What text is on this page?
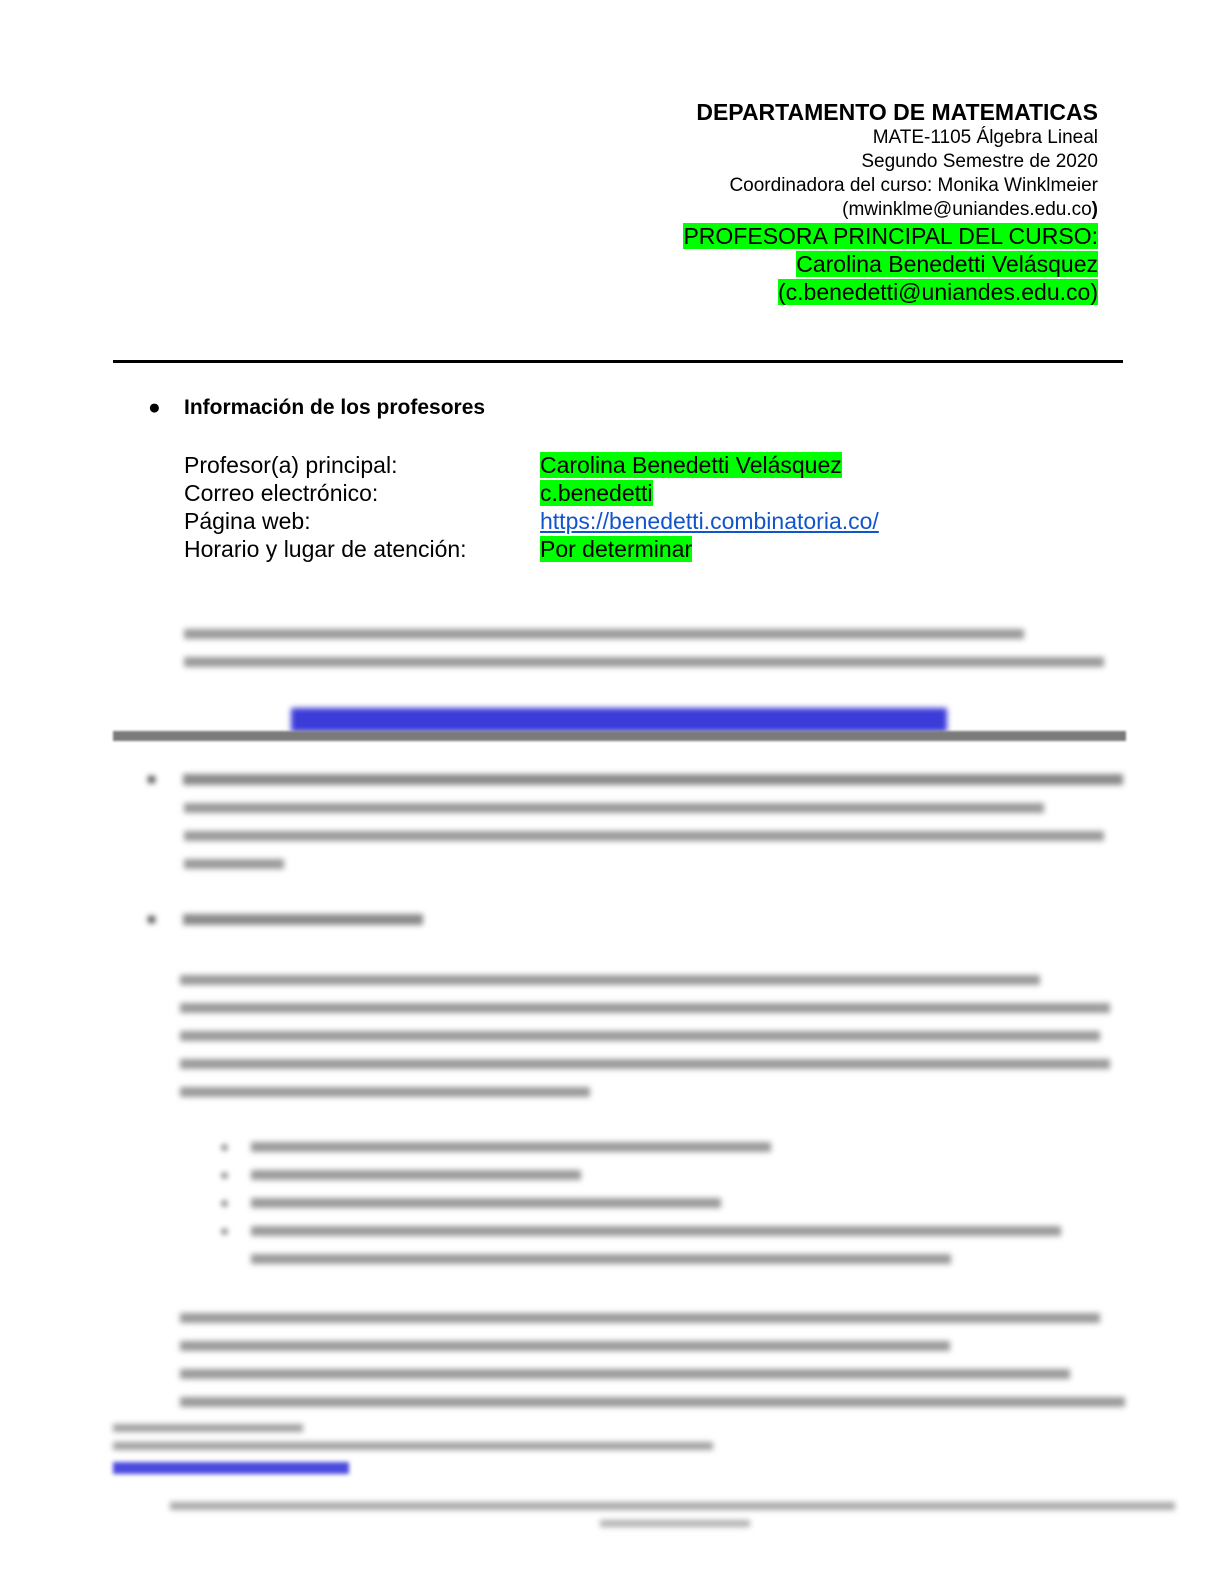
DEPARTAMENTO DE MATEMATICAS
MATE-1105 Álgebra Lineal
Segundo Semestre de 2020
Coordinadora del curso: Monika Winklmeier
(mwinklme@uniandes.edu.co)
PROFESORA PRINCIPAL DEL CURSO:
Carolina Benedetti Velásquez
(c.benedetti@uniandes.edu.co)
● Información de los profesores
Profesor(a) principal:	Carolina Benedetti Velásquez
Correo electrónico:	c.benedetti
Página web:	https://benedetti.combinatoria.co/
Horario y lugar de atención:	Por determinar
